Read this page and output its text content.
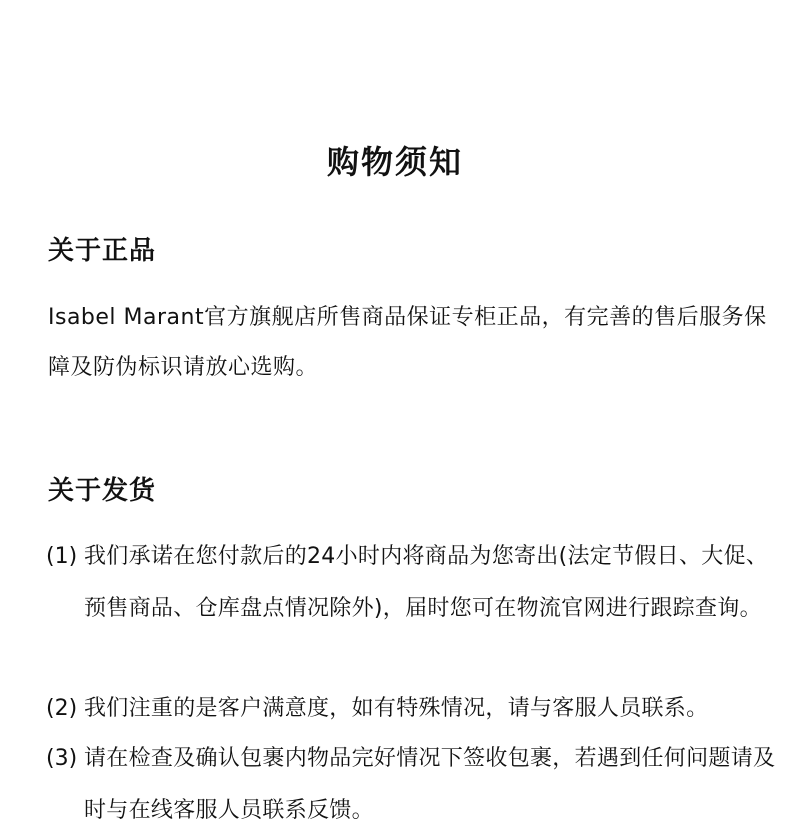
购物须知
关于正品

Isabel Marant官方旗舰店所售商品保证专柜正品，有完善的售后服务保障及防伪标识请放心选购。

关于发货
(1) 我们承诺在您付款后的24小时内将商品为您寄出(法定节假日、大促、预售商品、仓库盘点情况除外)，届时您可在物流官网进行跟踪查询。
(2) 我们注重的是客户满意度，如有特殊情况，请与客服人员联系。
(3) 请在检查及确认包裹内物品完好情况下签收包裹，若遇到任何问题请及时与在线客服人员联系反馈。
